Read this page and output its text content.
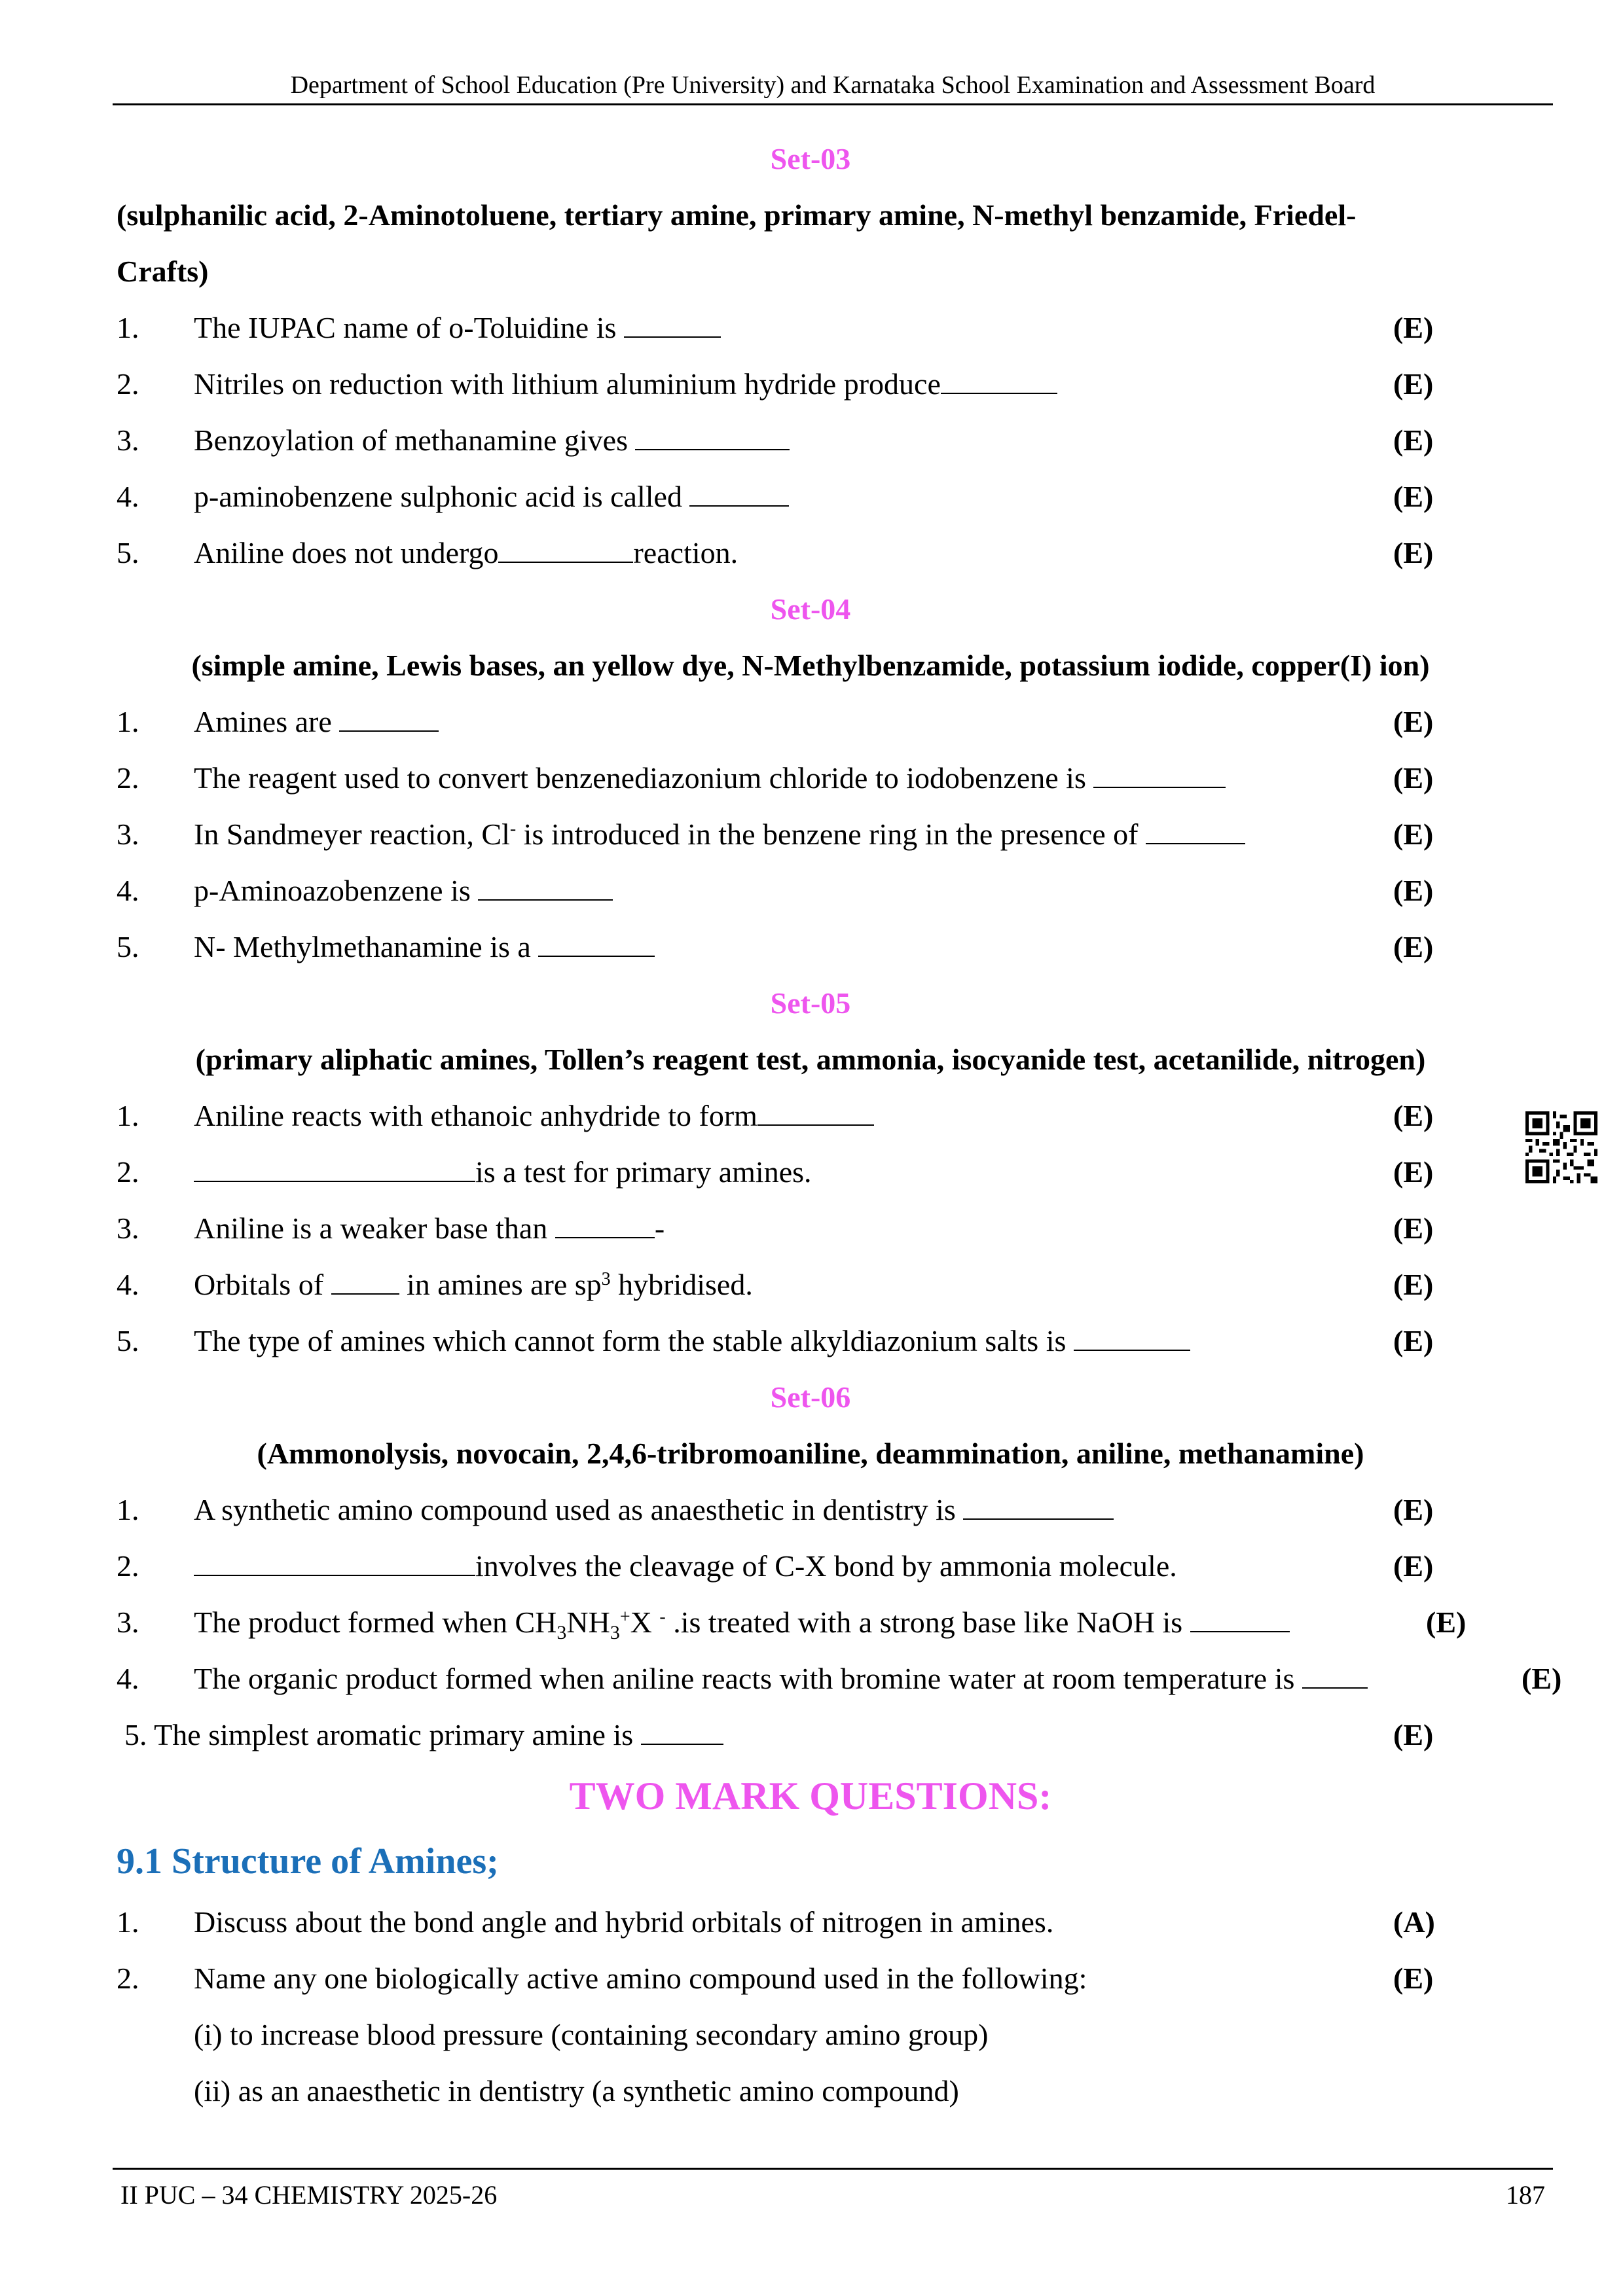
Department of School Education (Pre University) and Karnataka School Examination and Assessment Board
Set-03
(sulphanilic acid, 2-Aminotoluene, tertiary amine, primary amine, N-methyl benzamide, Friedel-
Crafts)
1. The IUPAC name of o-Toluidine is	(E)
2. Nitriles on reduction with lithium aluminium hydride produce	(E)
3. Benzoylation of methanamine gives	(E)
4. p-aminobenzene sulphonic acid is called	(E)
5. Aniline does not undergo	reaction.	(E)
Set-04
(simple amine, Lewis bases, an yellow dye, N-Methylbenzamide, potassium iodide, copper(I) ion)
1. Amines are	(E)
2. The reagent used to convert benzenediazonium chloride to iodobenzene is	(E)
3. In Sandmeyer reaction, Cl- is introduced in the benzene ring in the presence of	(E)
4. p-Aminoazobenzene is	(E)
5. N- Methylmethanamine is a	(E)
Set-05
(primary aliphatic amines, Tollen’s reagent test, ammonia, isocyanide test, acetanilide, nitrogen)
1. Aniline reacts with ethanoic anhydride to form	(E)
2.	is a test for primary amines.	(E)
3. Aniline is a weaker base than	-	(E)
4. Orbitals of  in amines are $sp^3$ hybridised.	(E)
5. The type of amines which cannot form the stable alkyldiazonium salts is	(E)
Set-06
(Ammonolysis, novocain, 2,4,6-tribromoaniline, deammination, aniline, methanamine)
1. A synthetic amino compound used as anaesthetic in dentistry is	(E)
2.	involves the cleavage of C-X bond by ammonia molecule.	(E)
3. The product formed when $CH_3NH_3^+X$ - .is treated with a strong base like NaOH is	(E)
4. The organic product formed when aniline reacts with bromine water at room temperature is	(E)
5. The simplest aromatic primary amine is	(E)
TWO MARK QUESTIONS:
9.1 Structure of Amines;
1. Discuss about the bond angle and hybrid orbitals of nitrogen in amines.	(A)
2. Name any one biologically active amino compound used in the following:	(E)
(i) to increase blood pressure (containing secondary amino group)
(ii) as an anaesthetic in dentistry (a synthetic amino compound)
II PUC – 34 CHEMISTRY 2025-26	187
